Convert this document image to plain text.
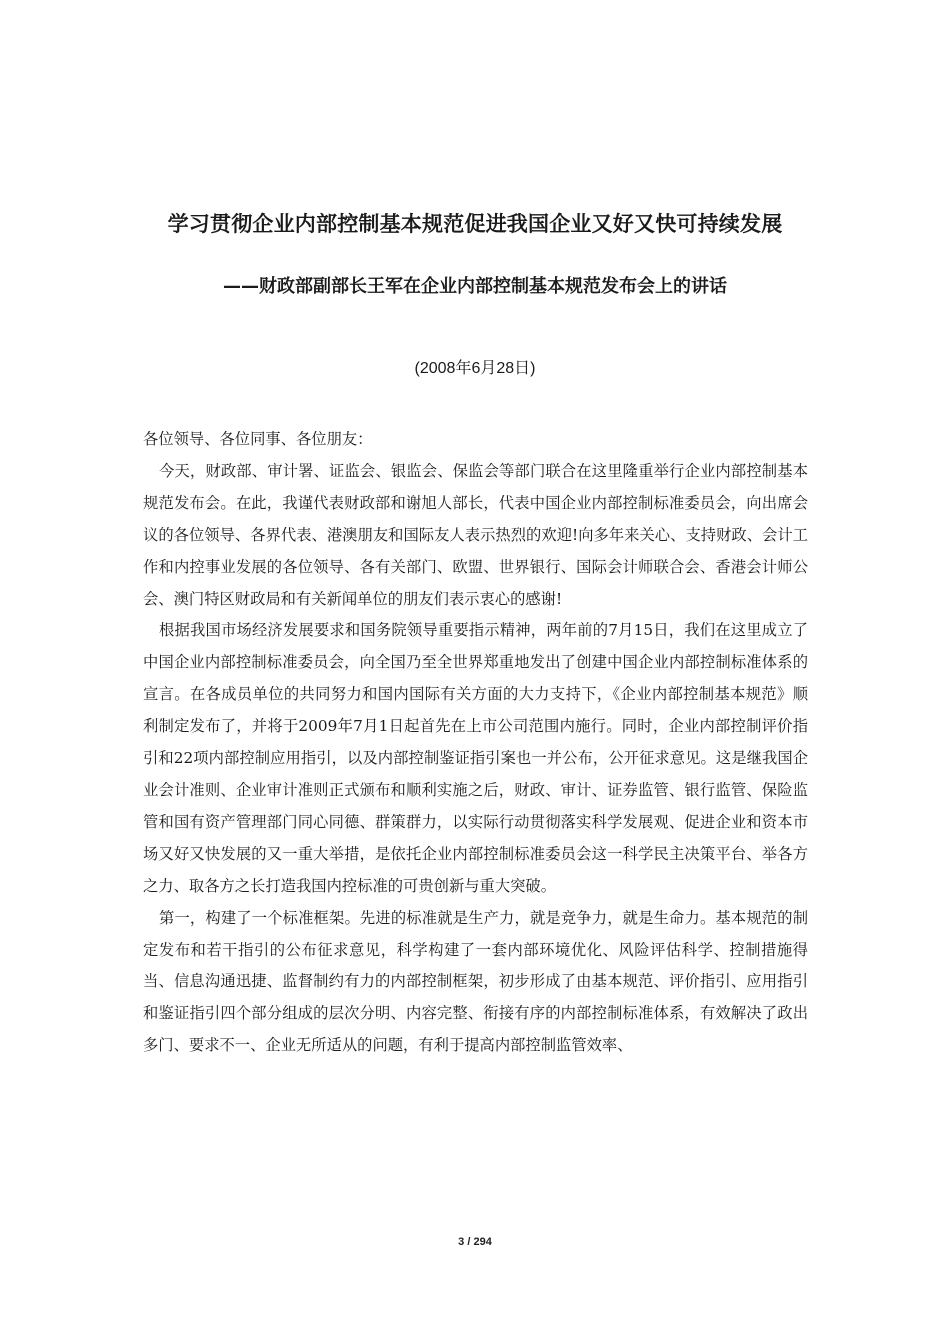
学习贯彻企业内部控制基本规范促进我国企业又好又快可持续发展
——财政部副部长王军在企业内部控制基本规范发布会上的讲话
(2008年6月28日)

各位领导、各位同事、各位朋友：

今天，财政部、审计署、证监会、银监会、保监会等部门联合在这里隆重举行企业内部控制基本规范发布会。在此，我谨代表财政部和谢旭人部长，代表中国企业内部控制标准委员会，向出席会议的各位领导、各界代表、港澳朋友和国际友人表示热烈的欢迎!向多年来关心、支持财政、会计工作和内控事业发展的各位领导、各有关部门、欧盟、世界银行、国际会计师联合会、香港会计师公会、澳门特区财政局和有关新闻单位的朋友们表示衷心的感谢!

根据我国市场经济发展要求和国务院领导重要指示精神，两年前的7月15日，我们在这里成立了中国企业内部控制标准委员会，向全国乃至全世界郑重地发出了创建中国企业内部控制标准体系的宣言。在各成员单位的共同努力和国内国际有关方面的大力支持下，《企业内部控制基本规范》顺利制定发布了，并将于2009年7月1日起首先在上市公司范围内施行。同时，企业内部控制评价指引和22项内部控制应用指引，以及内部控制鉴证指引案也一并公布，公开征求意见。这是继我国企业会计准则、企业审计准则正式颁布和顺利实施之后，财政、审计、证券监管、银行监管、保险监管和国有资产管理部门同心同德、群策群力，以实际行动贯彻落实科学发展观、促进企业和资本市场又好又快发展的又一重大举措，是依托企业内部控制标准委员会这一科学民主决策平台、举各方之力、取各方之长打造我国内控标准的可贵创新与重大突破。

第一，构建了一个标准框架。先进的标准就是生产力，就是竞争力，就是生命力。基本规范的制定发布和若干指引的公布征求意见，科学构建了一套内部环境优化、风险评估科学、控制措施得当、信息沟通迅捷、监督制约有力的内部控制框架，初步形成了由基本规范、评价指引、应用指引和鉴证指引四个部分组成的层次分明、内容完整、衔接有序的内部控制标准体系，有效解决了政出多门、要求不一、企业无所适从的问题，有利于提高内部控制监管效率、

3 / 294
